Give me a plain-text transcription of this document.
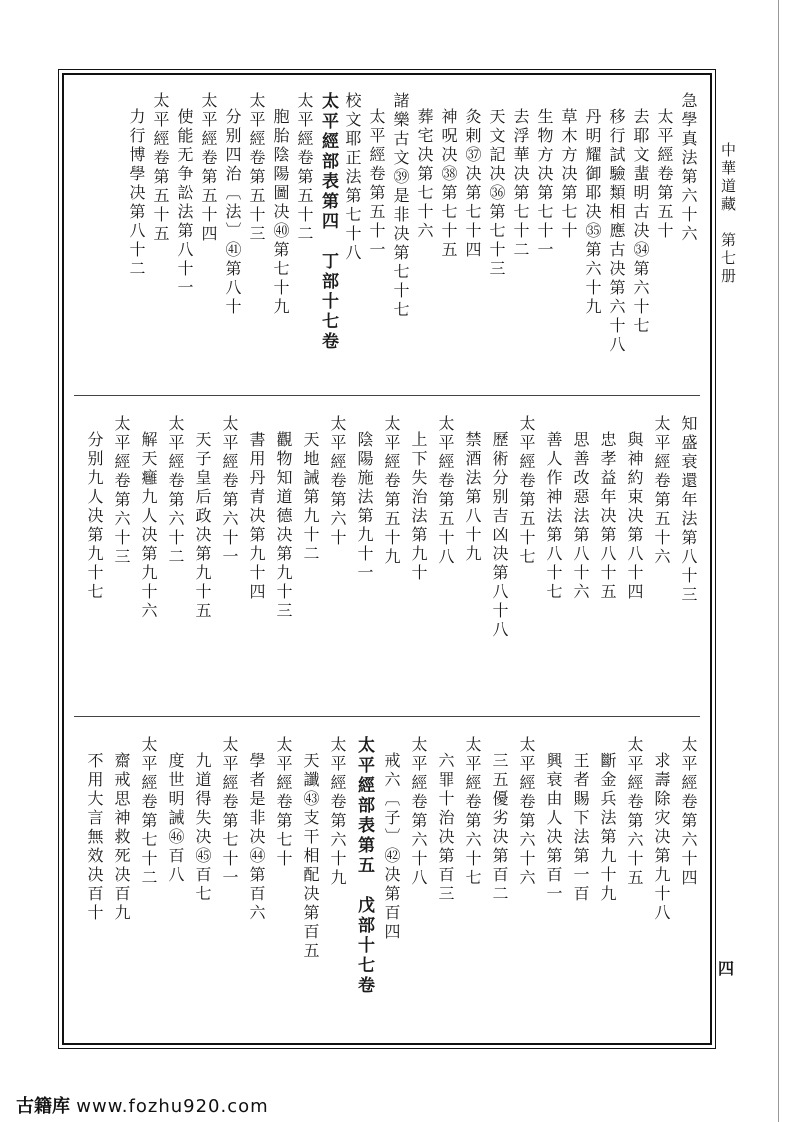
急學真法第六十六
太平經卷第五十
去耶文蜚明古决㉞第六十七
移行試驗類相應古决第六十八
丹明耀御耶决㉟第六十九
草木方决第七十
生物方决第七十一
去浮華决第七十二
天文記决㊱第七十三
灸剌㊲决第七十四
神呪决㊳第七十五
葬宅决第七十六
諸樂古文㊴是非决第七十七
太平經卷第五十一
校文耶正法第七十八
太平經部表第四　丁部十七卷
太平經卷第五十二
胞胎陰陽圖决㊵第七十九
太平經卷第五十三
分别四治〔法〕㊶第八十
太平經卷第五十四
使能无争訟法第八十一
太平經卷第五十五
力行博學决第八十二
知盛衰還年法第八十三
太平經卷第五十六
與神約束决第八十四
忠孝益年决第八十五
思善改惡法第八十六
善人作神法第八十七
太平經卷第五十七
歷術分别吉凶决第八十八
禁酒法第八十九
太平經卷第五十八
上下失治法第九十
太平經卷第五十九
陰陽施法第九十一
太平經卷第六十
天地誡第九十二
觀物知道德决第九十三
書用丹青决第九十四
太平經卷第六十一
天子皇后政决第九十五
太平經卷第六十二
解天癰九人决第九十六
太平經卷第六十三
分别九人决第九十七
太平經卷第六十四
求壽除灾决第九十八
太平經卷第六十五
斷金兵法第九十九
王者賜下法第一百
興衰由人决第百一
太平經卷第六十六
三五優劣决第百二
太平經卷第六十七
六罪十治决第百三
太平經卷第六十八
戒六〔子〕㊷决第百四
太平經部表第五　戊部十七卷
太平經卷第六十九
天讖㊸支干相配决第百五
太平經卷第七十
學者是非决㊹第百六
太平經卷第七十一
九道得失决㊺百七
度世明誡㊻百八
太平經卷第七十二
齋戒思神救死决百九
不用大言無效决百十
中華道藏　第七册
四
古籍库 www.fozhu920.com
